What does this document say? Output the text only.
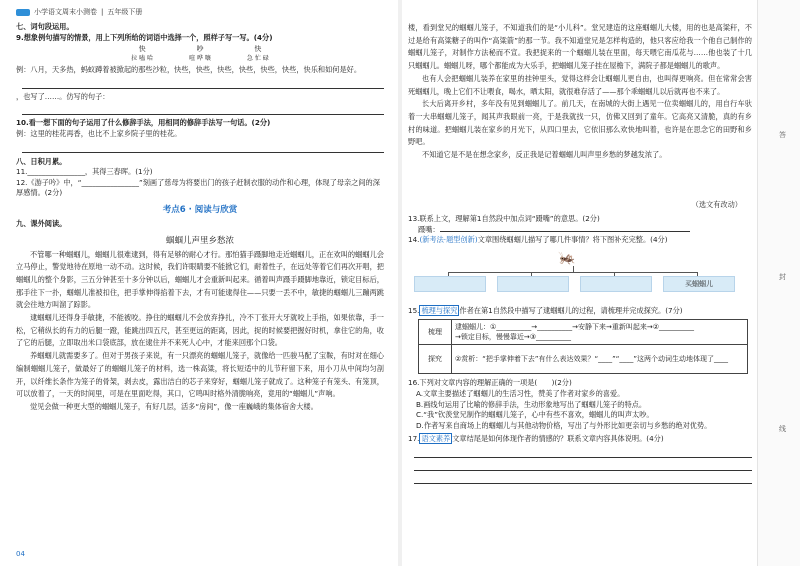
答
封
线
小学语文周末小测卷 | 五年级下册

七、词句段运用。

9.想象例句描写的情景，用上下列所给的词语中选择一个，照样子写一写。(4分)

快
拉 嗑 哈
吵
喧 哗 嚷
快
急 忙 碌

例：八月，天多热，蚂蚁蹲着被掀起的那些沙粒，快些，快些，快些，快些，快些，快些，快乐和如何是好。

，也写了……。仿写的句子：

10.看一想下面的句子运用了什么修辞手法，用相同的修辞手法写一句话。(2分)

例：这里的桂花再香，也比不上家乡院子里的桂花。

八、日积月累。

11.________________，其得三春晖。(1分)

12.《游子吟》中，“________________”刻画了慈母为将要出门的孩子赶制衣服的动作和心理，体现了母亲之间的深厚感情。(2分)

考点6 · 阅读与欣赏

九、课外阅读。

蝈蝈儿声里乡愁浓

不管哪一种蝈蝈儿，蝈蝈儿很难逮到，得有足够的耐心才行。那怕猫手蹑脚地走近蝈蝈儿，正在欢叫的蝈蝈儿会立马停止，警觉地待在原地一动不动。这时候，我们许眼睛要不能掀它们，耐着性子，在远处等着它们再次开唱，把蝈蝈儿的整个身影，三五分钟甚至十多分钟以后，蝈蝈儿才会重新叫起来。循着叫声蹑手蹑脚地靠近，锁定目标后，那手往下一扑，蝈蝈儿准被扣住，把手掌伸得掐着下去，才有可能逮得住——只要一丢不中，敏捷的蝈蝈儿三蹦两跳就会往地方叫溜了踪影。

逮蝈蝈儿还得身手敏捷，不能被咬。挣住的蝈蝈儿不会放弃挣扎，冷不丁张开大牙就咬上手指，如果依靠，手一松，它稍纵长的有力的后腿一蹬，能跳出四五尺，甚至更远的距离，因此，捉的时候要把握好时机，拿住它的角，收了它的后腿，立即取出米口袋底部，放在逮住并不来死人心中，才能来回那个口袋。

养蝈蝈儿就需要多了。但对于男孩子来说，有一只漂亮的蝈蝈儿笼子，就像给一匹骏马配了宝鞍，有时对在细心编制蝈蝈儿笼子，做最好了的蝈蝈儿笼子的材料，选一株高粱，将长短适中的儿节秆留下来，用小刀从中间均匀剖开，以纤维长条作为笼子的骨架，剥去皮，露出洁白的芯子来穿好，蝈蝈儿笼子就成了。这种笼子有笼头、有笼顶，可以放着了，一天的时间里，可是在里面吃得，其口，它鸣叫时格外清脆响亮，竟用的“蝈蝈儿”声响。

觉见会做一种更大型的蝈蝈儿笼子，有好几层，活多“房间”，像一座巍峨的集体宿舍大楼。

04

楼，看到堂兄的蝈蝈儿笼子，不知道我们的是“小儿科”。堂兄建造的这座蝈蝈儿大楼，用的也是高粱秆，不过是给有高粱糖子的叫作“高粱箭”的那一节。我不知道堂兄是怎样构造的，他只客应给我一个他自己制作的蝈蝈儿笼子，对制作方法秘而不宣。我把捉来的一个蝈蝈儿装在里面，每天喂它南瓜花与……他也装了十几只蝈蝈儿。蝈蝈儿呀，哪个都能成为大乐手，把蝈蝈儿笼子挂在屋檐下，满院子都是蝈蝈儿的歌声。

也有人会把蝈蝈儿装养在家里的挂钟里头，觉得这样会让蝈蝈儿更自由，也叫得更响亮。但在常常会害死蝈蝈儿，晚上它们不让喂食，喝水，晒太阳，就很难存活了——那个乖蝈蝈儿以后就再也不来了。

长大后离开乡村，多年没有见到蝈蝈儿了。前几天，在南城的大街上遇见一位卖蝈蝈儿的，用自行车驮着一大串蝈蝈儿笼子，闻其声我眼前一亮，于是我就找一只，仿佛又回到了童年。它高亮又清脆，真的有乡村的味道。把蝈蝈儿装在家乡的月光下，从四口里去，它依旧那么欢快地叫着，也许是在思念它的田野和乡野吧。

不知道它是不是在想念家乡，反正我是记着蝈蝈儿叫声里乡愁的梦越发浓了。

（选文有改动）

13.联系上文，理解第1自然段中加点词“蹑嘴”的意思。(2分)

蹑嘴：

14.(新考法·题型创新)文章围绕蝈蝈儿描写了哪几件事情？将下图补充完整。(4分)

🦗
买蝈蝈儿

15. 梳理与探究 作者在第1自然段中描写了逮蝈蝈儿的过程，请梳理并完成探究。(7分)

梳理	逮蝈蝈儿：①__________→__________→安静下来→重新叫起来→②__________
→锁定目标，慢慢靠近→③__________

探究	②赏析：“把手掌伸着下去”有什么表达效果？“____”“____”这两个动词生动地体现了____

16.下列对文章内容的理解正确的一项是(　　)(2分)

A.文章主要描述了蝈蝈儿的生活习性，赞美了作者对家乡的喜爱。

B.画线句运用了比喻的修辞手法，生动形象地写出了蝈蝈儿笼子的特点。

C.“我”钦羡堂兄制作的蝈蝈儿笼子，心中有些不喜欢，蝈蝈儿的叫声太吵。

D.作者写来自商场上的蝈蝈儿与其他动物价格，写出了与外形比如更亲切与乡愁的绝对优势。

17. 语文素养 文章结尾是如何体现作者的情感的？联系文章内容具体说明。(4分)
